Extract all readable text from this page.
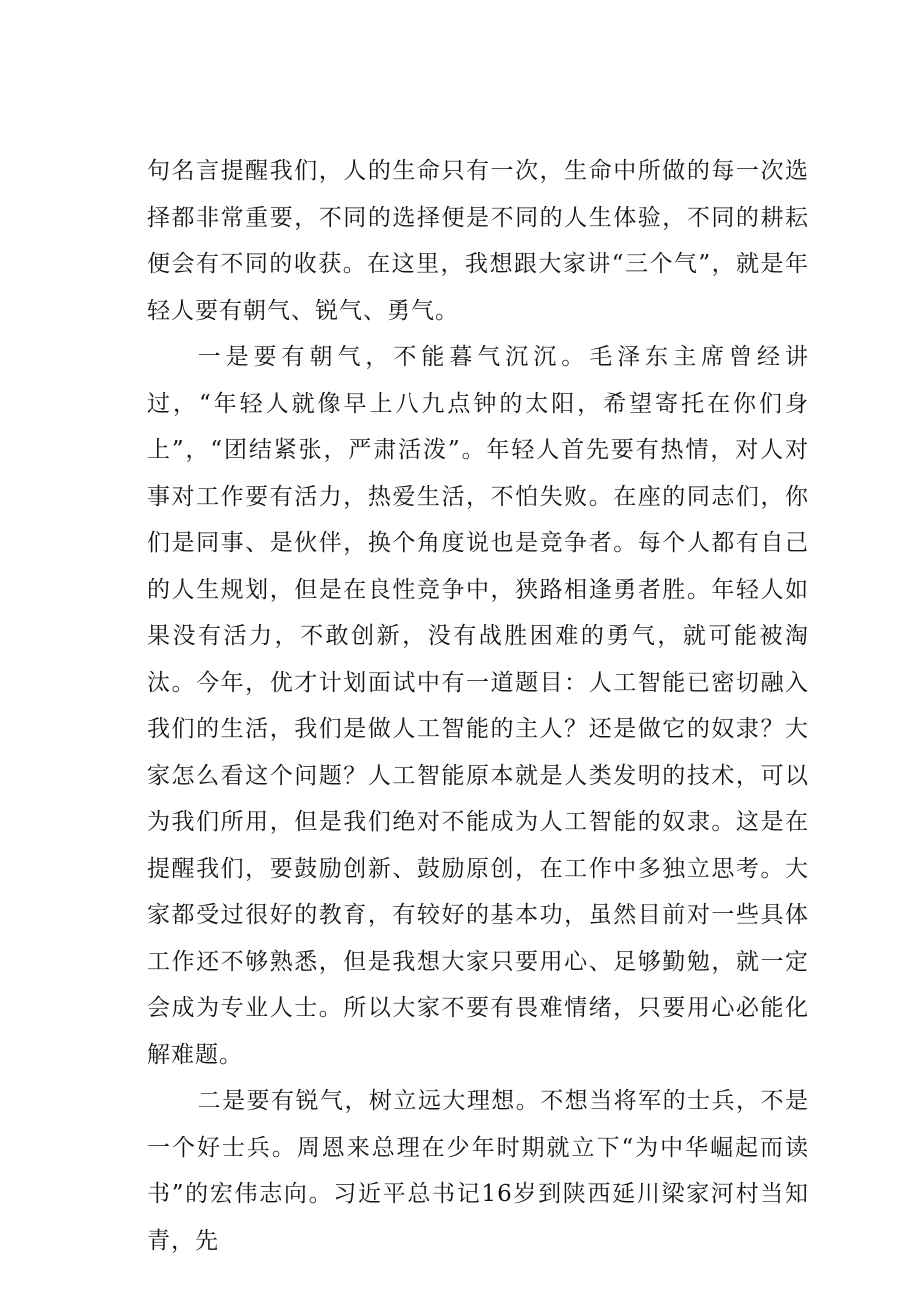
句名言提醒我们，人的生命只有一次，生命中所做的每一次选择都非常重要，不同的选择便是不同的人生体验，不同的耕耘便会有不同的收获。在这里，我想跟大家讲“三个气”，就是年轻人要有朝气、锐气、勇气。

一是要有朝气，不能暮气沉沉。毛泽东主席曾经讲过，“年轻人就像早上八九点钟的太阳，希望寄托在你们身上”，“团结紧张，严肃活泼”。年轻人首先要有热情，对人对事对工作要有活力，热爱生活，不怕失败。在座的同志们，你们是同事、是伙伴，换个角度说也是竞争者。每个人都有自己的人生规划，但是在良性竞争中，狭路相逢勇者胜。年轻人如果没有活力，不敢创新，没有战胜困难的勇气，就可能被淘汰。今年，优才计划面试中有一道题目：人工智能已密切融入我们的生活，我们是做人工智能的主人？还是做它的奴隶？大家怎么看这个问题？人工智能原本就是人类发明的技术，可以为我们所用，但是我们绝对不能成为人工智能的奴隶。这是在提醒我们，要鼓励创新、鼓励原创，在工作中多独立思考。大家都受过很好的教育，有较好的基本功，虽然目前对一些具体工作还不够熟悉，但是我想大家只要用心、足够勤勉，就一定会成为专业人士。所以大家不要有畏难情绪，只要用心必能化解难题。

二是要有锐气，树立远大理想。不想当将军的士兵，不是一个好士兵。周恩来总理在少年时期就立下“为中华崛起而读书”的宏伟志向。习近平总书记16岁到陕西延川梁家河村当知青，先
